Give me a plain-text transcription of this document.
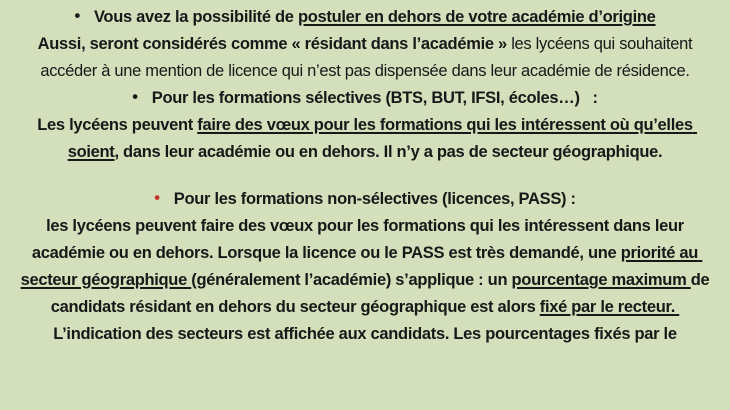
• Vous avez la possibilité de postuler en dehors de votre académie d’origine
Aussi, seront considérés comme « résidant dans l’académie » les lycéens qui souhaitent accéder à une mention de licence qui n’est pas dispensée dans leur académie de résidence.
• Pour les formations sélectives (BTS, BUT, IFSI, écoles…)   :
Les lycéens peuvent faire des vœux pour les formations qui les intéressent où qu’elles soient, dans leur académie ou en dehors. Il n’y a pas de secteur géographique.
• Pour les formations non-sélectives (licences, PASS) :
les lycéens peuvent faire des vœux pour les formations qui les intéressent dans leur académie ou en dehors. Lorsque la licence ou le PASS est très demandé, une priorité au secteur géographique (généralement l’académie) s’applique : un pourcentage maximum de candidats résidant en dehors du secteur géographique est alors fixé par le recteur.
L’indication des secteurs est affichée aux candidats. Les pourcentages fixés par le
